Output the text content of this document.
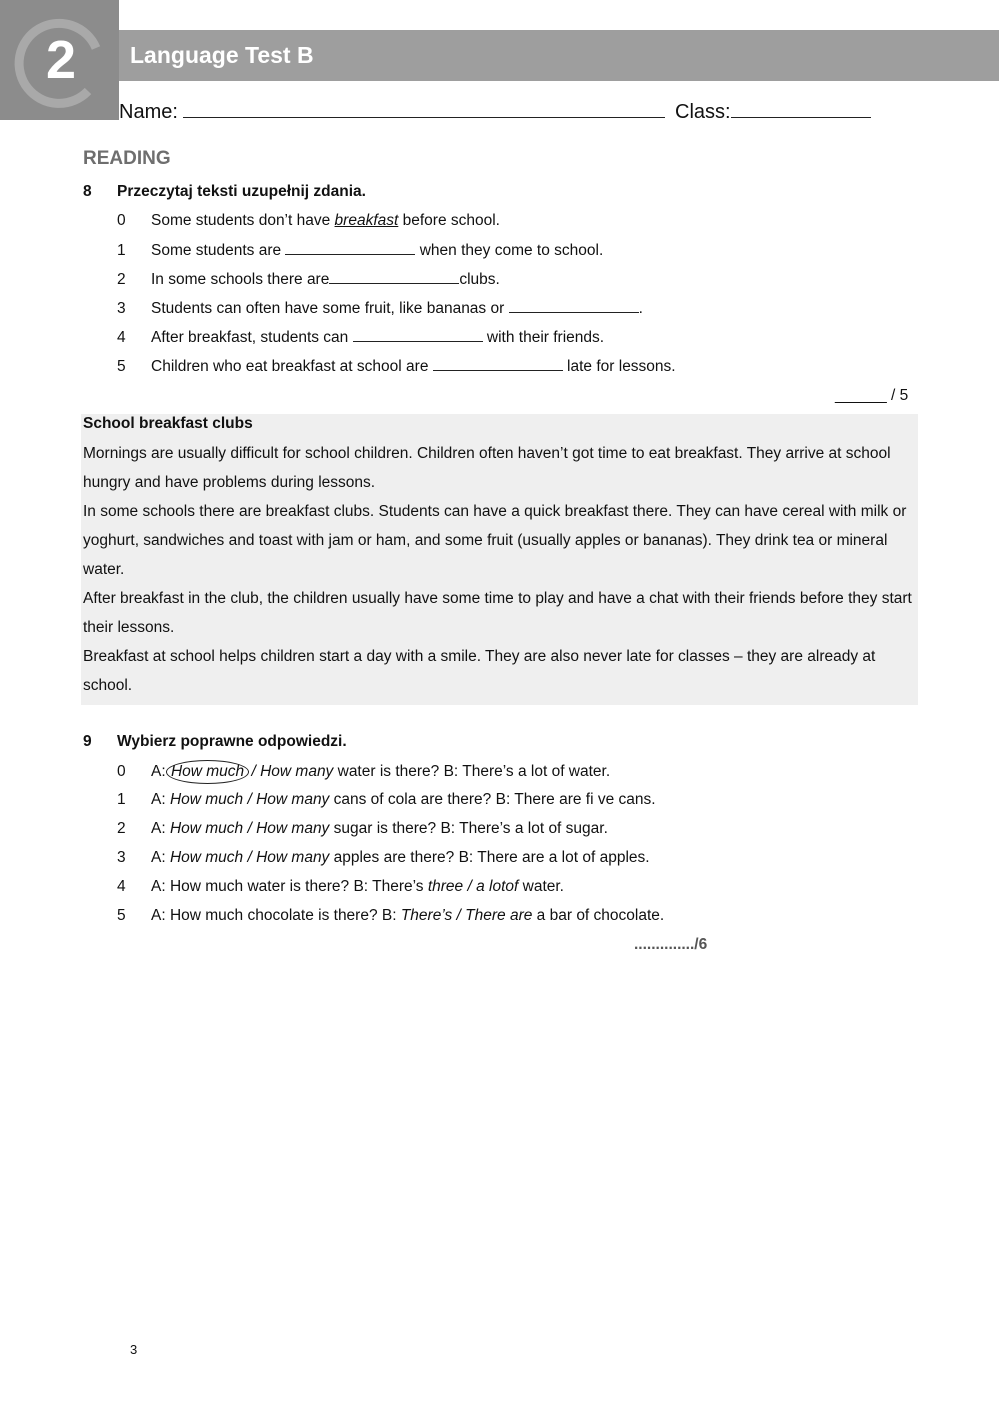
2	Language Test B
Name:	Class:
READING
8 Przeczytaj teksti uzupełnij zdania.
0 Some students don’t have breakfast before school.
1 Some students are	when they come to school.
2 In some schools there are	clubs.
3 Students can often have some fruit, like bananas or	.
4 After breakfast, students can	with their friends.
5 Children who eat breakfast at school are	late for lessons.
______ / 5
School breakfast clubs
Mornings are usually difficult for school children. Children often haven’t got time to eat breakfast. They arrive at school hungry and have problems during lessons.
In some schools there are breakfast clubs. Students can have a quick breakfast there. They can have cereal with milk or yoghurt, sandwiches and toast with jam or ham, and some fruit (usually apples or bananas). They drink tea or mineral water.
After breakfast in the club, the children usually have some time to play and have a chat with their friends before they start their lessons.
Breakfast at school helps children start a day with a smile. They are also never late for classes – they are already at school.
9 Wybierz poprawne odpowiedzi.
0 A: How much / How many water is there? B: There’s a lot of water.
1 A: How much / How many cans of cola are there? B: There are fi ve cans.
2 A: How much / How many sugar is there? B: There’s a lot of sugar.
3 A: How much / How many apples are there? B: There are a lot of apples.
4 A: How much water is there? B: There’s three / a lotof water.
5 A: How much chocolate is there? B: There’s / There are a bar of chocolate.
............../6
3
